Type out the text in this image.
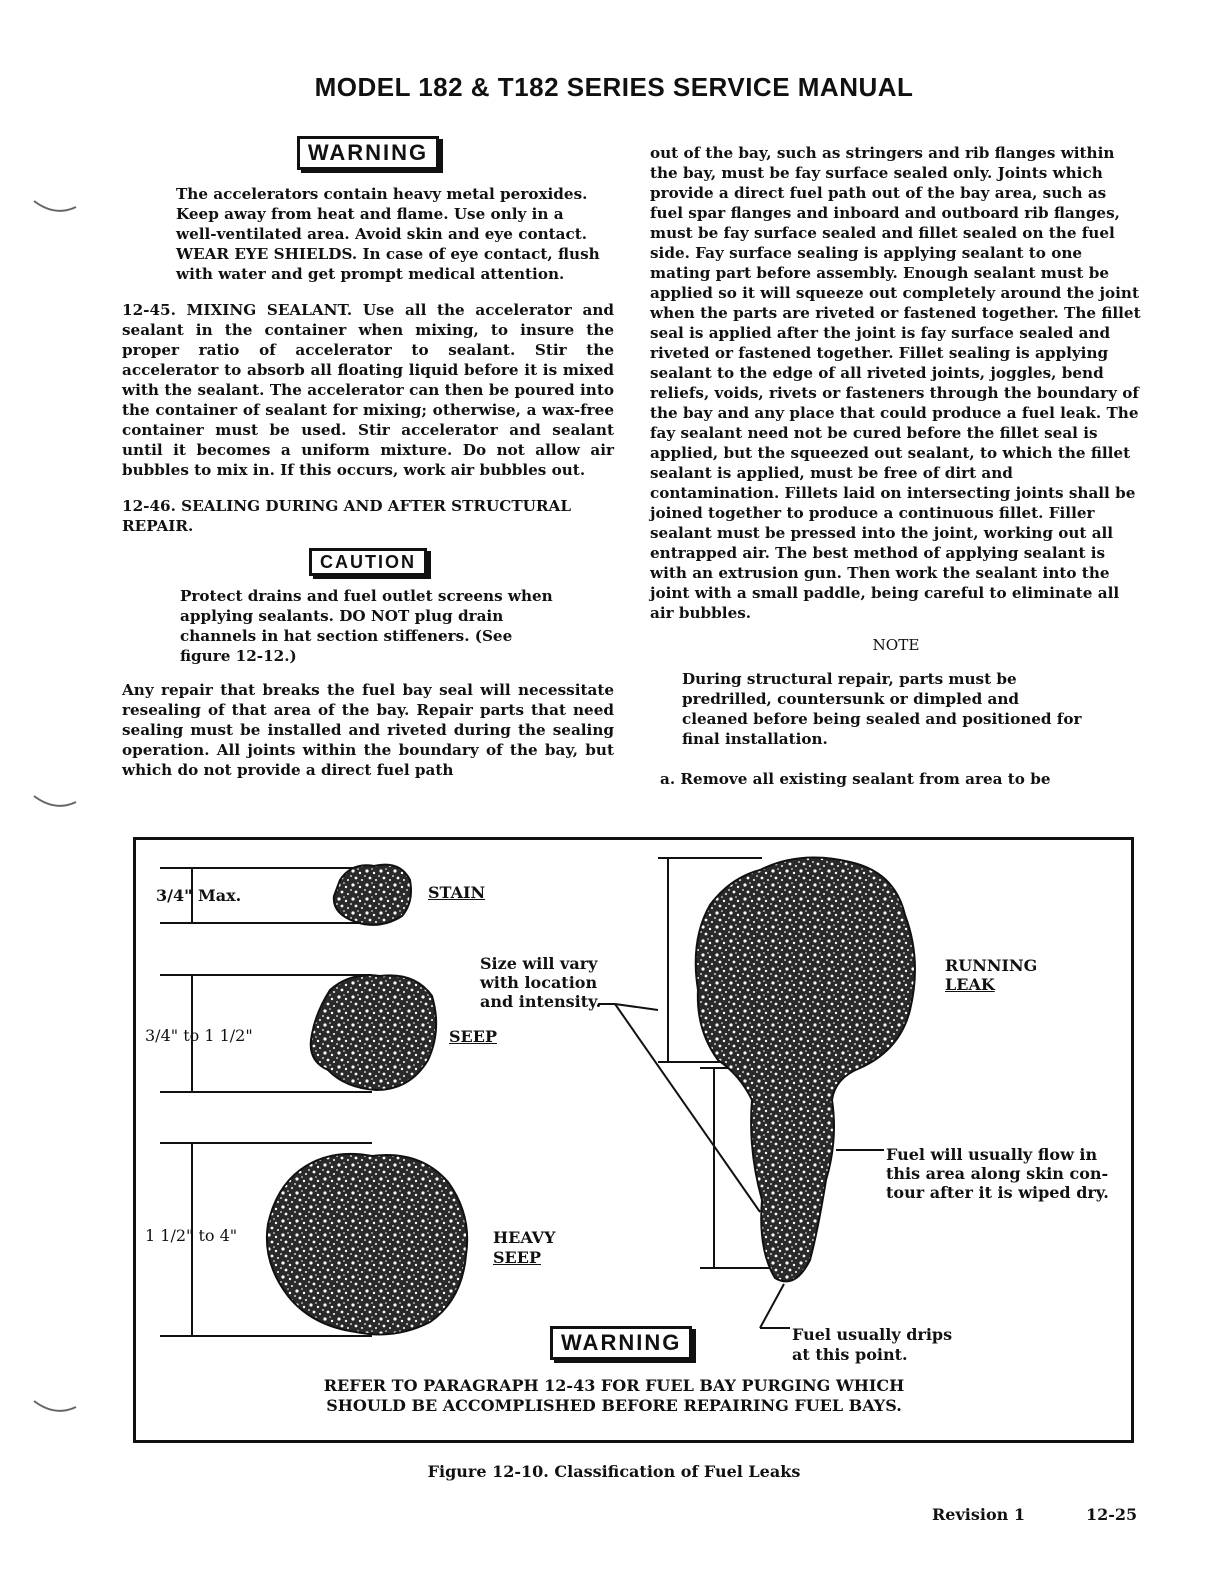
MODEL 182 & T182 SERIES SERVICE MANUAL
WARNING

The accelerators contain heavy metal peroxides. Keep away from heat and flame. Use only in a well-ventilated area. Avoid skin and eye contact. WEAR EYE SHIELDS. In case of eye contact, flush with water and get prompt medical attention.

12-45. MIXING SEALANT. Use all the accelerator and sealant in the container when mixing, to insure the proper ratio of accelerator to sealant. Stir the accelerator to absorb all floating liquid before it is mixed with the sealant. The accelerator can then be poured into the container of sealant for mixing; otherwise, a wax-free container must be used. Stir accelerator and sealant until it becomes a uniform mixture. Do not allow air bubbles to mix in. If this occurs, work air bubbles out.

12-46. SEALING DURING AND AFTER STRUCTURAL REPAIR.

CAUTION

Protect drains and fuel outlet screens when applying sealants. DO NOT plug drain channels in hat section stiffeners. (See figure 12-12.)

Any repair that breaks the fuel bay seal will necessitate resealing of that area of the bay. Repair parts that need sealing must be installed and riveted during the sealing operation. All joints within the boundary of the bay, but which do not provide a direct fuel path

out of the bay, such as stringers and rib flanges within the bay, must be fay surface sealed only. Joints which provide a direct fuel path out of the bay area, such as fuel spar flanges and inboard and outboard rib flanges, must be fay surface sealed and fillet sealed on the fuel side. Fay surface sealing is applying sealant to one mating part before assembly. Enough sealant must be applied so it will squeeze out completely around the joint when the parts are riveted or fastened together. The fillet seal is applied after the joint is fay surface sealed and riveted or fastened together. Fillet sealing is applying sealant to the edge of all riveted joints, joggles, bend reliefs, voids, rivets or fasteners through the boundary of the bay and any place that could produce a fuel leak. The fay sealant need not be cured before the fillet seal is applied, but the squeezed out sealant, to which the fillet sealant is applied, must be free of dirt and contamination. Fillets laid on intersecting joints shall be joined together to produce a continuous fillet. Filler sealant must be pressed into the joint, working out all entrapped air. The best method of applying sealant is with an extrusion gun. Then work the sealant into the joint with a small paddle, being careful to eliminate all air bubbles.

NOTE

During structural repair, parts must be predrilled, countersunk or dimpled and cleaned before being sealed and positioned for final installation.

a. Remove all existing sealant from area to be

3/4" Max.	STAIN
3/4" to 1 1/2"	SEEP
1 1/2" to 4"	HEAVY
SEEP
Size will vary
with location
and intensity.
RUNNING
LEAK
Fuel will usually flow in
this area along skin con-
tour after it is wiped dry.
Fuel usually drips
at this point.
WARNING
REFER TO PARAGRAPH 12-43 FOR FUEL BAY PURGING WHICH
SHOULD BE ACCOMPLISHED BEFORE REPAIRING FUEL BAYS.
Figure 12-10. Classification of Fuel Leaks
Revision 1	12-25
